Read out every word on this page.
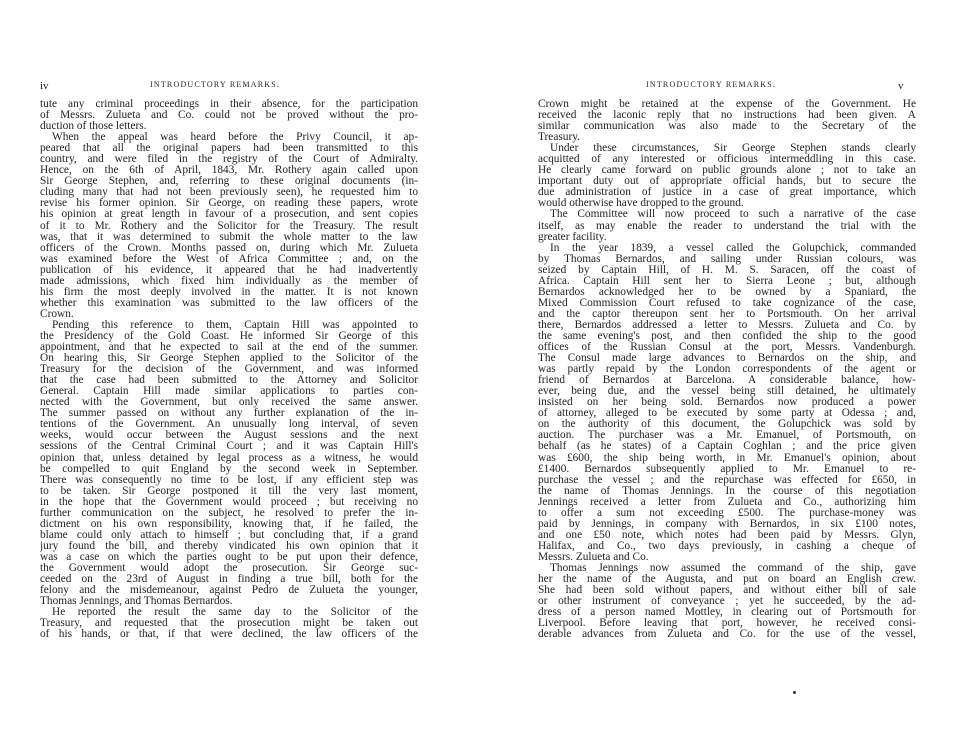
iv	INTRODUCTORY REMARKS.
tute any criminal proceedings in their absence, for the participation
of Messrs. Zulueta and Co. could not be proved without the pro-
duction of those letters.
When the appeal was heard before the Privy Council, it ap-
peared that all the original papers had been transmitted to this
country, and were filed in the registry of the Court of Admiralty.
Hence, on the 6th of April, 1843, Mr. Rothery again called upon
Sir George Stephen, and, referring to these original documents (in-
cluding many that had not been previously seen), he requested him to
revise his former opinion. Sir George, on reading these papers, wrote
his opinion at great length in favour of a prosecution, and sent copies
of it to Mr. Rothery and the Solicitor for the Treasury. The result
was, that it was determined to submit the whole matter to the law
officers of the Crown. Months passed on, during which Mr. Zulueta
was examined before the West of Africa Committee ; and, on the
publication of his evidence, it appeared that he had inadvertently
made admissions, which fixed him individually as the member of
his firm the most deeply involved in the matter. It is not known
whether this examination was submitted to the law officers of the
Crown.
Pending this reference to them, Captain Hill was appointed to
the Presidency of the Gold Coast. He informed Sir George of this
appointment, and that he expected to sail at the end of the summer.
On hearing this, Sir George Stephen applied to the Solicitor of the
Treasury for the decision of the Government, and was informed
that the case had been submitted to the Attorney and Solicitor
General. Captain Hill made similar applications to parties con-
nected with the Government, but only received the same answer.
The summer passed on without any further explanation of the in-
tentions of the Government. An unusually long interval, of seven
weeks, would occur between the August sessions and the next
sessions of the Central Criminal Court ; and it was Captain Hill's
opinion that, unless detained by legal process as a witness, he would
be compelled to quit England by the second week in September.
There was consequently no time to be lost, if any efficient step was
to be taken. Sir George postponed it till the very last moment,
in the hope that the Government would proceed ; but receiving no
further communication on the subject, he resolved to prefer the in-
dictment on his own responsibility, knowing that, if he failed, the
blame could only attach to himself ; but concluding that, if a grand
jury found the bill, and thereby vindicated his own opinion that it
was a case on which the parties ought to be put upon their defence,
the Government would adopt the prosecution. Sir George suc-
ceeded on the 23rd of August in finding a true bill, both for the
felony and the misdemeanour, against Pedro de Zulueta the younger,
Thomas Jennings, and Thomas Bernardos.
He reported the result the same day to the Solicitor of the
Treasury, and requested that the prosecution might be taken out
of his hands, or that, if that were declined, the law officers of the
v
INTRODUCTORY REMARKS.
Crown might be retained at the expense of the Government. He
received the laconic reply that no instructions had been given. A
similar communication was also made to the Secretary of the
Treasury.
Under these circumstances, Sir George Stephen stands clearly
acquitted of any interested or officious intermeddling in this case.
He clearly came forward on public grounds alone ; not to take an
important duty out of appropriate official hands, but to secure the
due administration of justice in a case of great importance, which
would otherwise have dropped to the ground.
The Committee will now proceed to such a narrative of the case
itself, as may enable the reader to understand the trial with the
greater facility.
In the year 1839, a vessel called the Golupchick, commanded
by Thomas Bernardos, and sailing under Russian colours, was
seized by Captain Hill, of H. M. S. Saracen, off the coast of
Africa. Captain Hill sent her to Sierra Leone ; but, although
Bernardos acknowledged her to be owned by a Spaniard, the
Mixed Commission Court refused to take cognizance of the case,
and the captor thereupon sent her to Portsmouth. On her arrival
there, Bernardos addressed a letter to Messrs. Zulueta and Co. by
the same evening's post, and then confided the ship to the good
offices of the Russian Consul at the port, Messrs. Vandenburgh.
The Consul made large advances to Bernardos on the ship, and
was partly repaid by the London correspondents of the agent or
friend of Bernardos at Barcelona. A considerable balance, how-
ever, being due, and the vessel being still detained, he ultimately
insisted on her being sold. Bernardos now produced a power
of attorney, alleged to be executed by some party at Odessa ; and,
on the authority of this document, the Golupchick was sold by
auction. The purchaser was a Mr. Emanuel, of Portsmouth, on
behalf (as he states) of a Captain Coghlan ; and the price given
was £600, the ship being worth, in Mr. Emanuel's opinion, about
£1400. Bernardos subsequently applied to Mr. Emanuel to re-
purchase the vessel ; and the repurchase was effected for £650, in
the name of Thomas Jennings. In the course of this negotiation
Jennings received a letter from Zulueta and Co., authorizing him
to offer a sum not exceeding £500. The purchase-money was
paid by Jennings, in company with Bernardos, in six £100 notes,
and one £50 note, which notes had been paid by Messrs. Glyn,
Halifax, and Co., two days previously, in cashing a cheque of
Messrs. Zulueta and Co.
Thomas Jennings now assumed the command of the ship, gave
her the name of the Augusta, and put on board an English crew.
She had been sold without papers, and without either bill of sale
or other instrument of conveyance ; yet he succeeded, by the ad-
dress of a person named Mottley, in clearing out of Portsmouth for
Liverpool. Before leaving that port, however, he received consi-
derable advances from Zulueta and Co. for the use of the vessel,
